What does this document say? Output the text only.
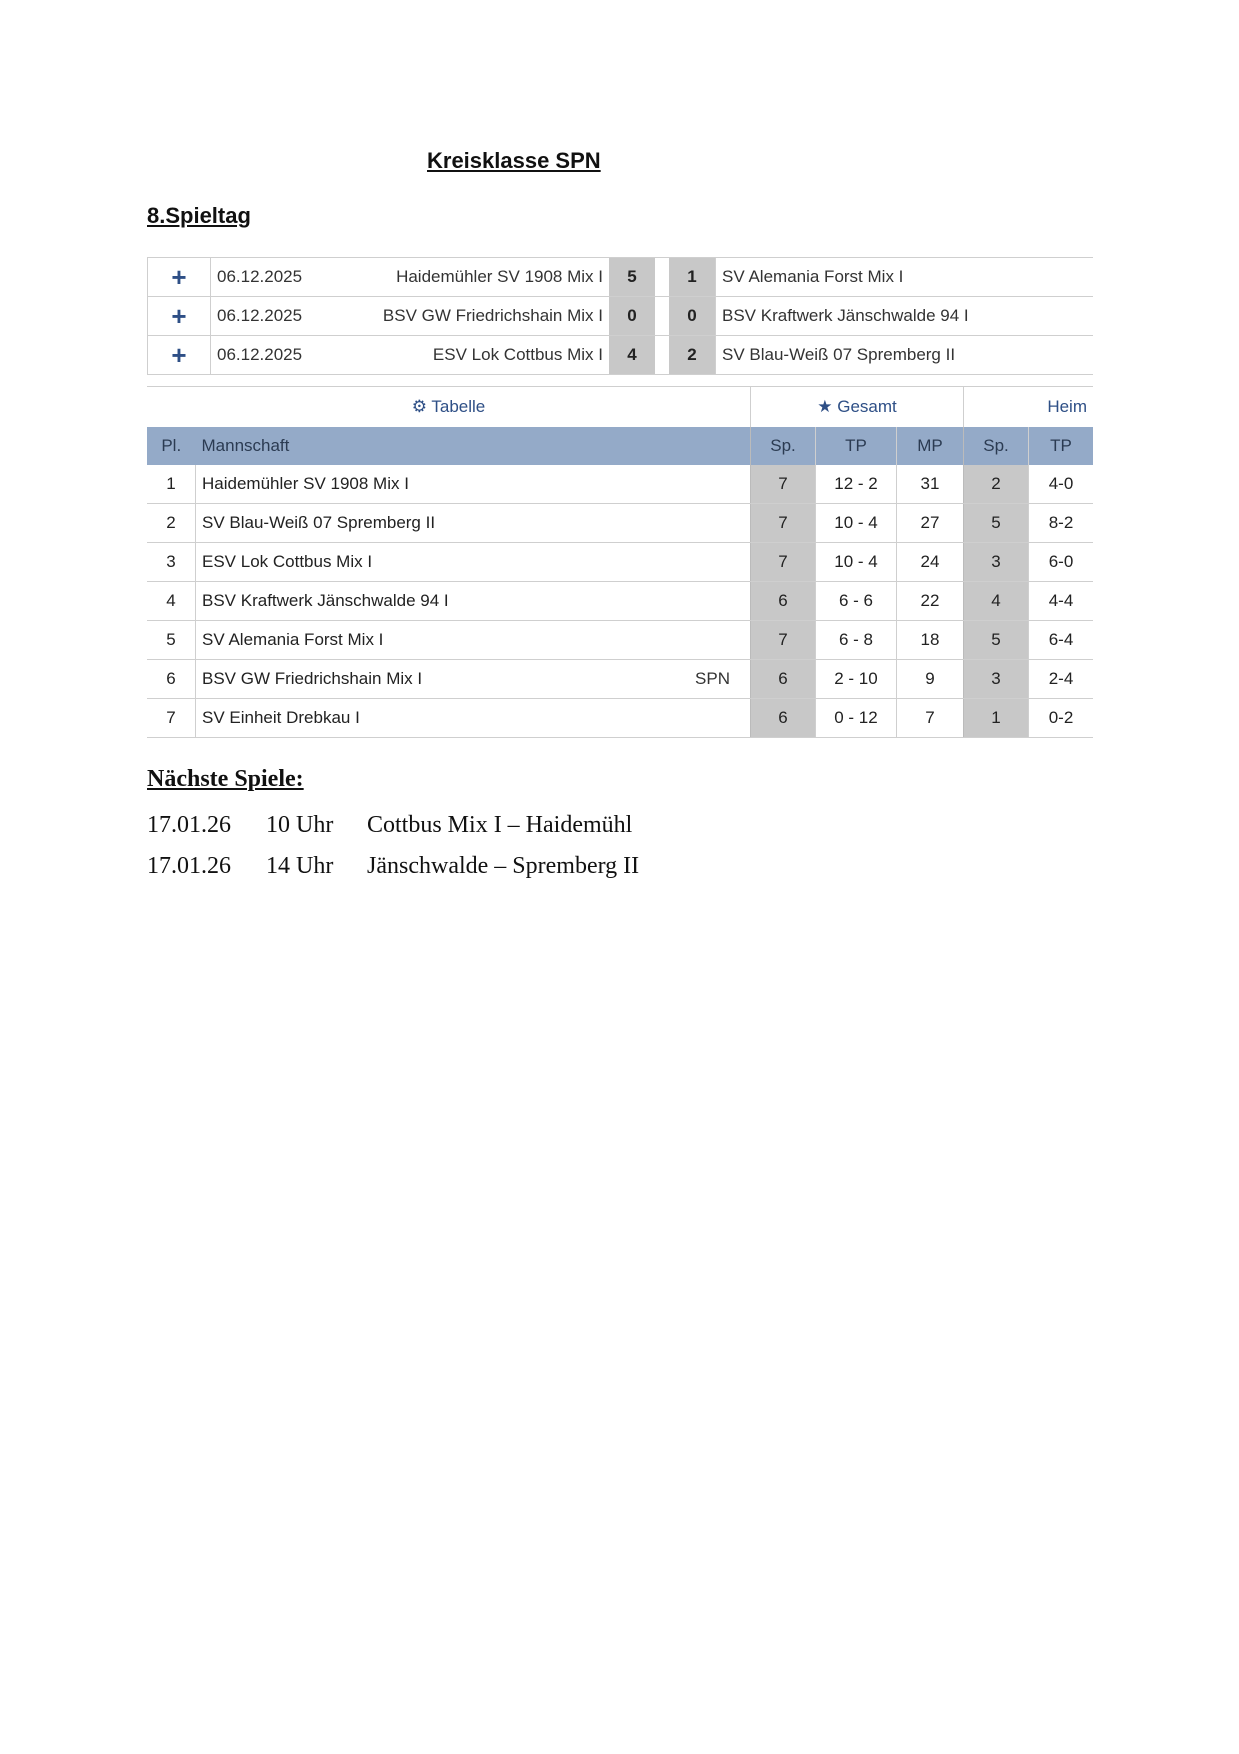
Kreisklasse SPN
8.Spieltag
+	06.12.2025	Haidemühler SV 1908 Mix I	5		1	SV Alemania Forst Mix I
+	06.12.2025	BSV GW Friedrichshain Mix I	0		0	BSV Kraftwerk Jänschwalde 94 I
+	06.12.2025	ESV Lok Cottbus Mix I	4		2	SV Blau-Weiß 07 Spremberg II
⚙ Tabelle			★ Gesamt			Heim	
Pl.	Mannschaft		Sp.	TP	MP	Sp.	TP
1	Haidemühler SV 1908 Mix I		7	12 - 2	31	2	4-0
2	SV Blau-Weiß 07 Spremberg II		7	10 - 4	27	5	8-2
3	ESV Lok Cottbus Mix I		7	10 - 4	24	3	6-0
4	BSV Kraftwerk Jänschwalde 94 I		6	6 - 6	22	4	4-4
5	SV Alemania Forst Mix I		7	6 - 8	18	5	6-4
6	BSV GW Friedrichshain Mix I	SPN	6	2 - 10	9	3	2-4
7	SV Einheit Drebkau I		6	0 - 12	7	1	0-2
Nächste Spiele:
17.01.26 10 Uhr Cottbus Mix I – Haidemühl
17.01.26 14 Uhr Jänschwalde – Spremberg II
